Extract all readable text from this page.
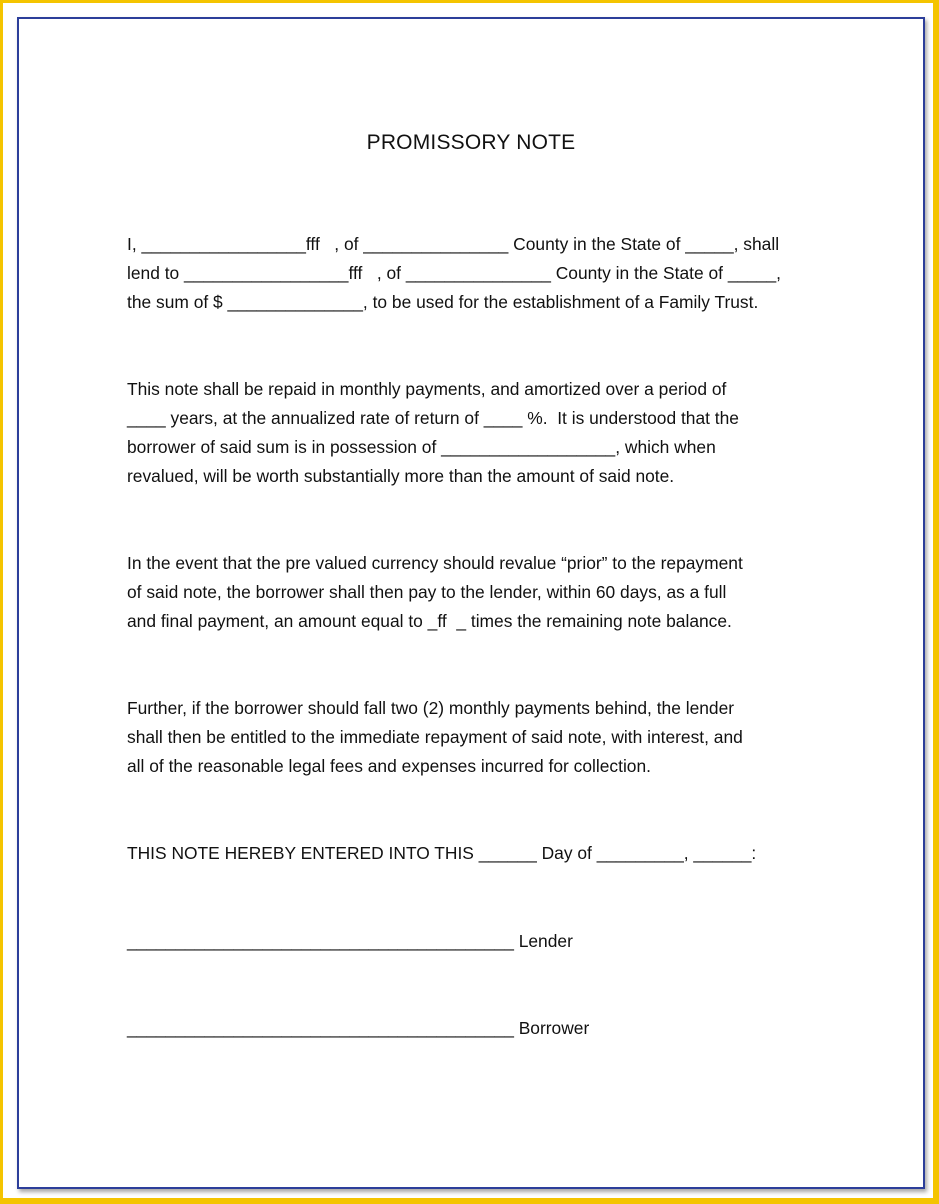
PROMISSORY NOTE
I, _________________fff   , of _______________ County in the State of _____, shall
lend to _________________fff   , of _______________ County in the State of _____,
the sum of $ ______________, to be used for the establishment of a Family Trust.
This note shall be repaid in monthly payments, and amortized over a period of
____ years, at the annualized rate of return of ____ %.  It is understood that the
borrower of said sum is in possession of __________________, which when
revalued, will be worth substantially more than the amount of said note.
In the event that the pre valued currency should revalue “prior” to the repayment
of said note, the borrower shall then pay to the lender, within 60 days, as a full
and final payment, an amount equal to _ff  _ times the remaining note balance.
Further, if the borrower should fall two (2) monthly payments behind, the lender
shall then be entitled to the immediate repayment of said note, with interest, and
all of the reasonable legal fees and expenses incurred for collection.
THIS NOTE HEREBY ENTERED INTO THIS ______ Day of _________, ______:
________________________________________ Lender
________________________________________ Borrower
